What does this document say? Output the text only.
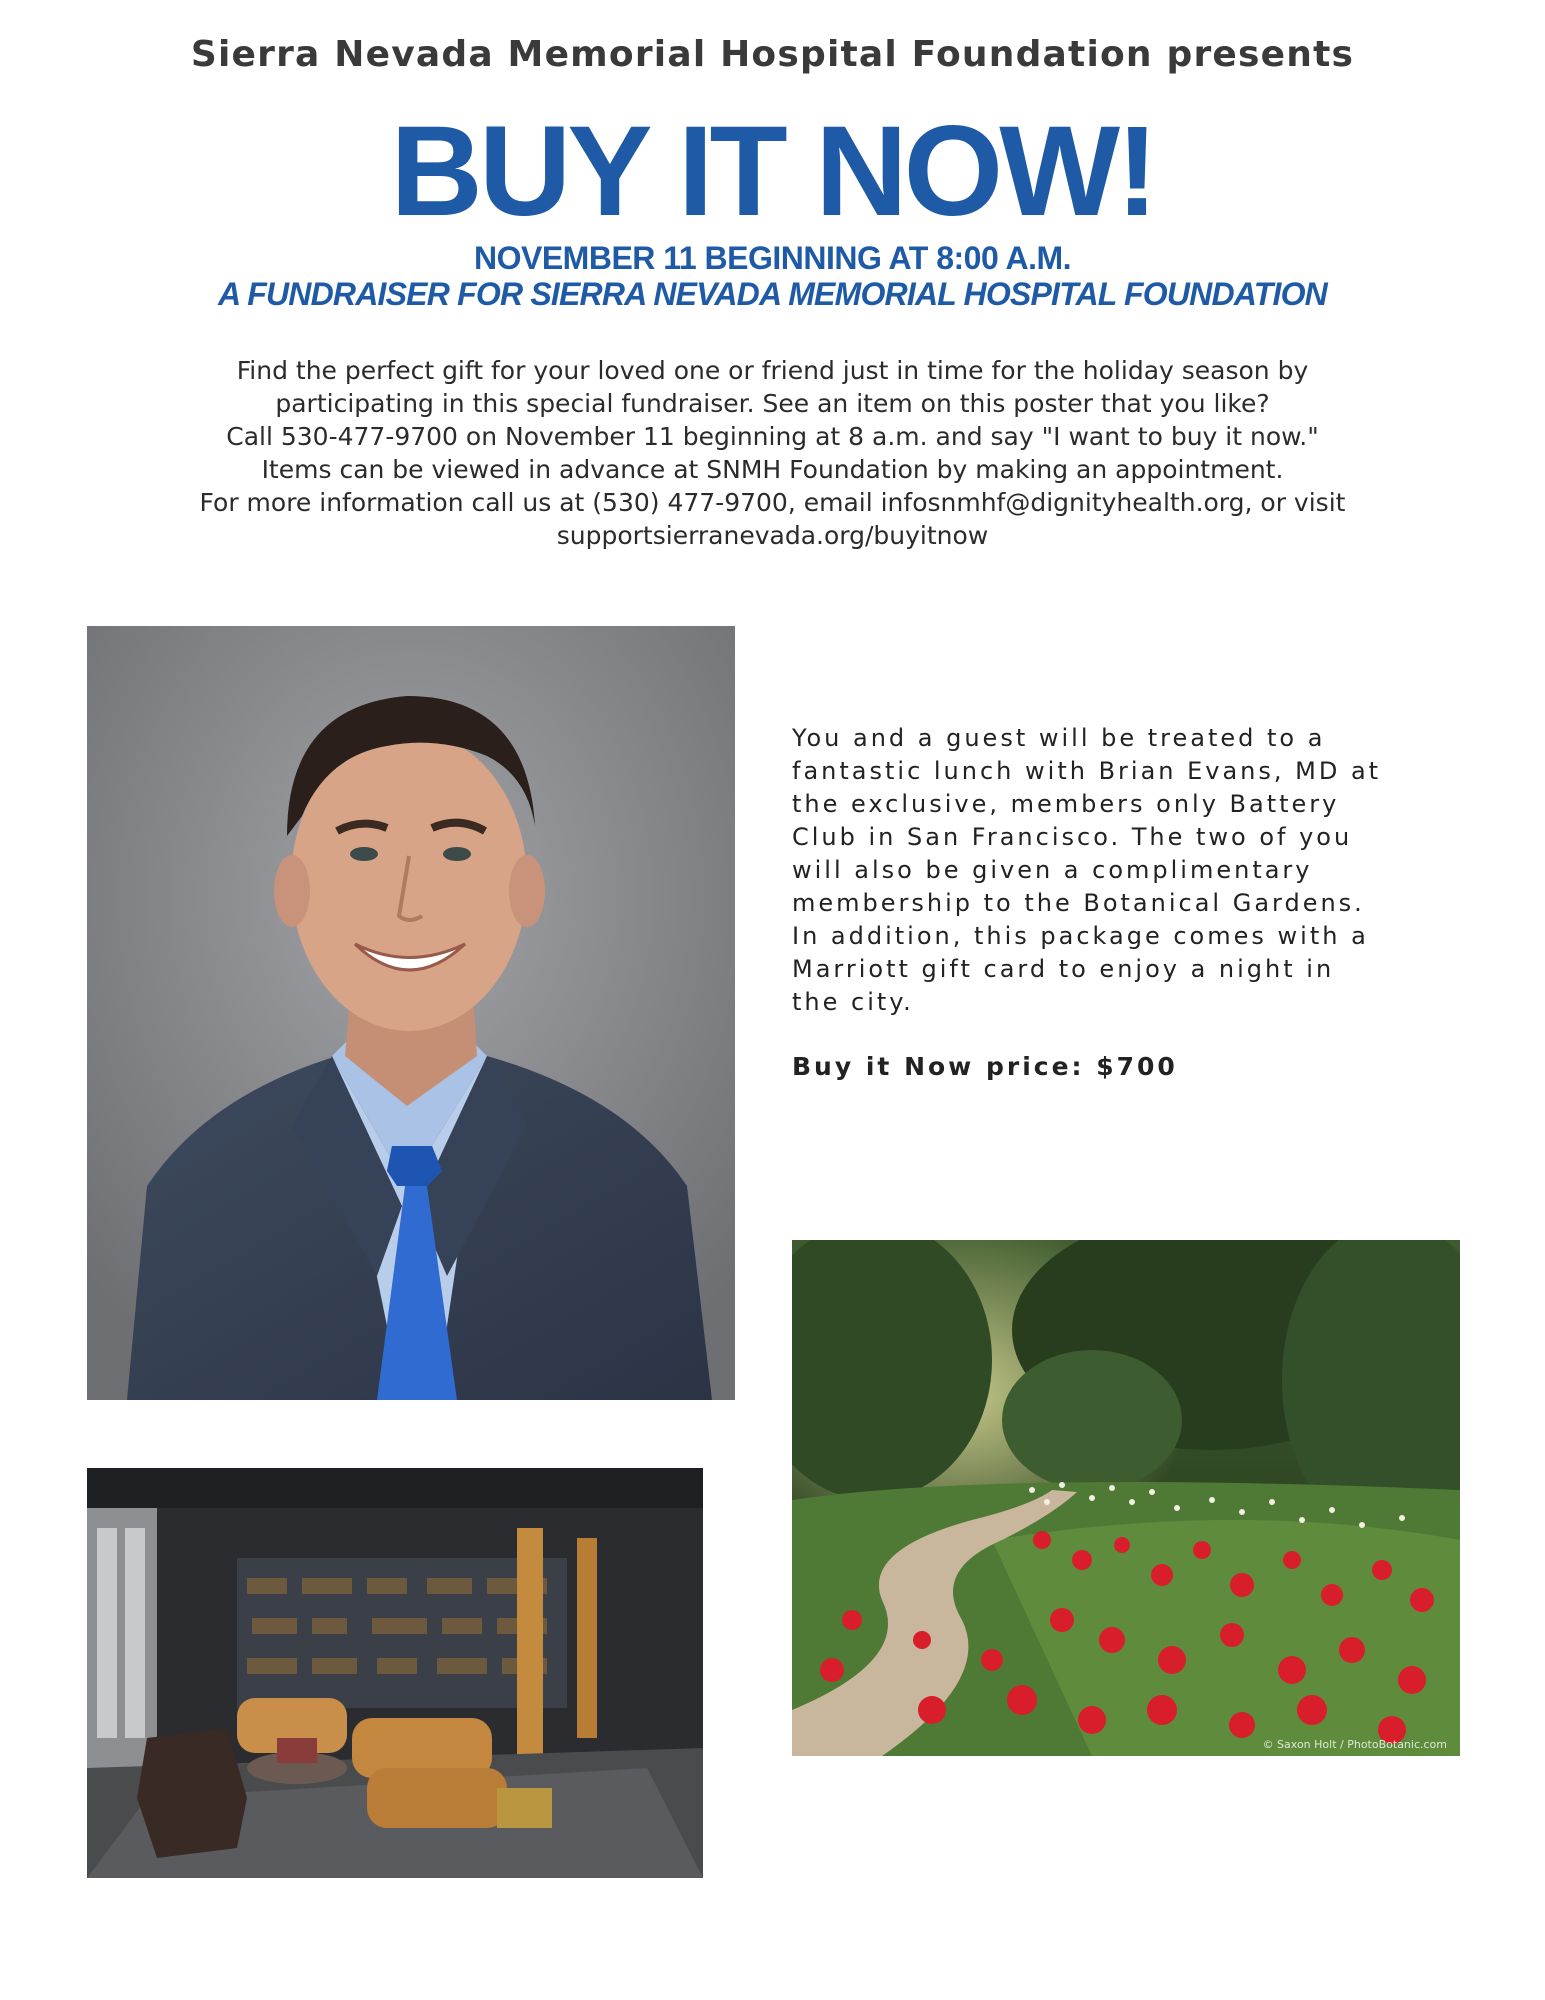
Sierra Nevada Memorial Hospital Foundation presents
BUY IT NOW!
NOVEMBER 11 BEGINNING AT 8:00 A.M.
A FUNDRAISER FOR SIERRA NEVADA MEMORIAL HOSPITAL FOUNDATION

Find the perfect gift for your loved one or friend just in time for the holiday season by

participating in this special fundraiser. See an item on this poster that you like?

Call 530-477-9700 on November 11 beginning at 8 a.m. and say "I want to buy it now."

Items can be viewed in advance at SNMH Foundation by making an appointment.

For more information call us at (530) 477-9700, email infosnmhf@dignityhealth.org, or visit

supportsierranevada.org/buyitnow

You and a guest will be treated to a
fantastic lunch with Brian Evans, MD at
the exclusive, members only Battery
Club in San Francisco. The two of you
will also be given a complimentary
membership to the Botanical Gardens.
In addition, this package comes with a
Marriott gift card to enjoy a night in
the city.
Buy it Now price: $700
© Saxon Holt / PhotoBotanic.com
